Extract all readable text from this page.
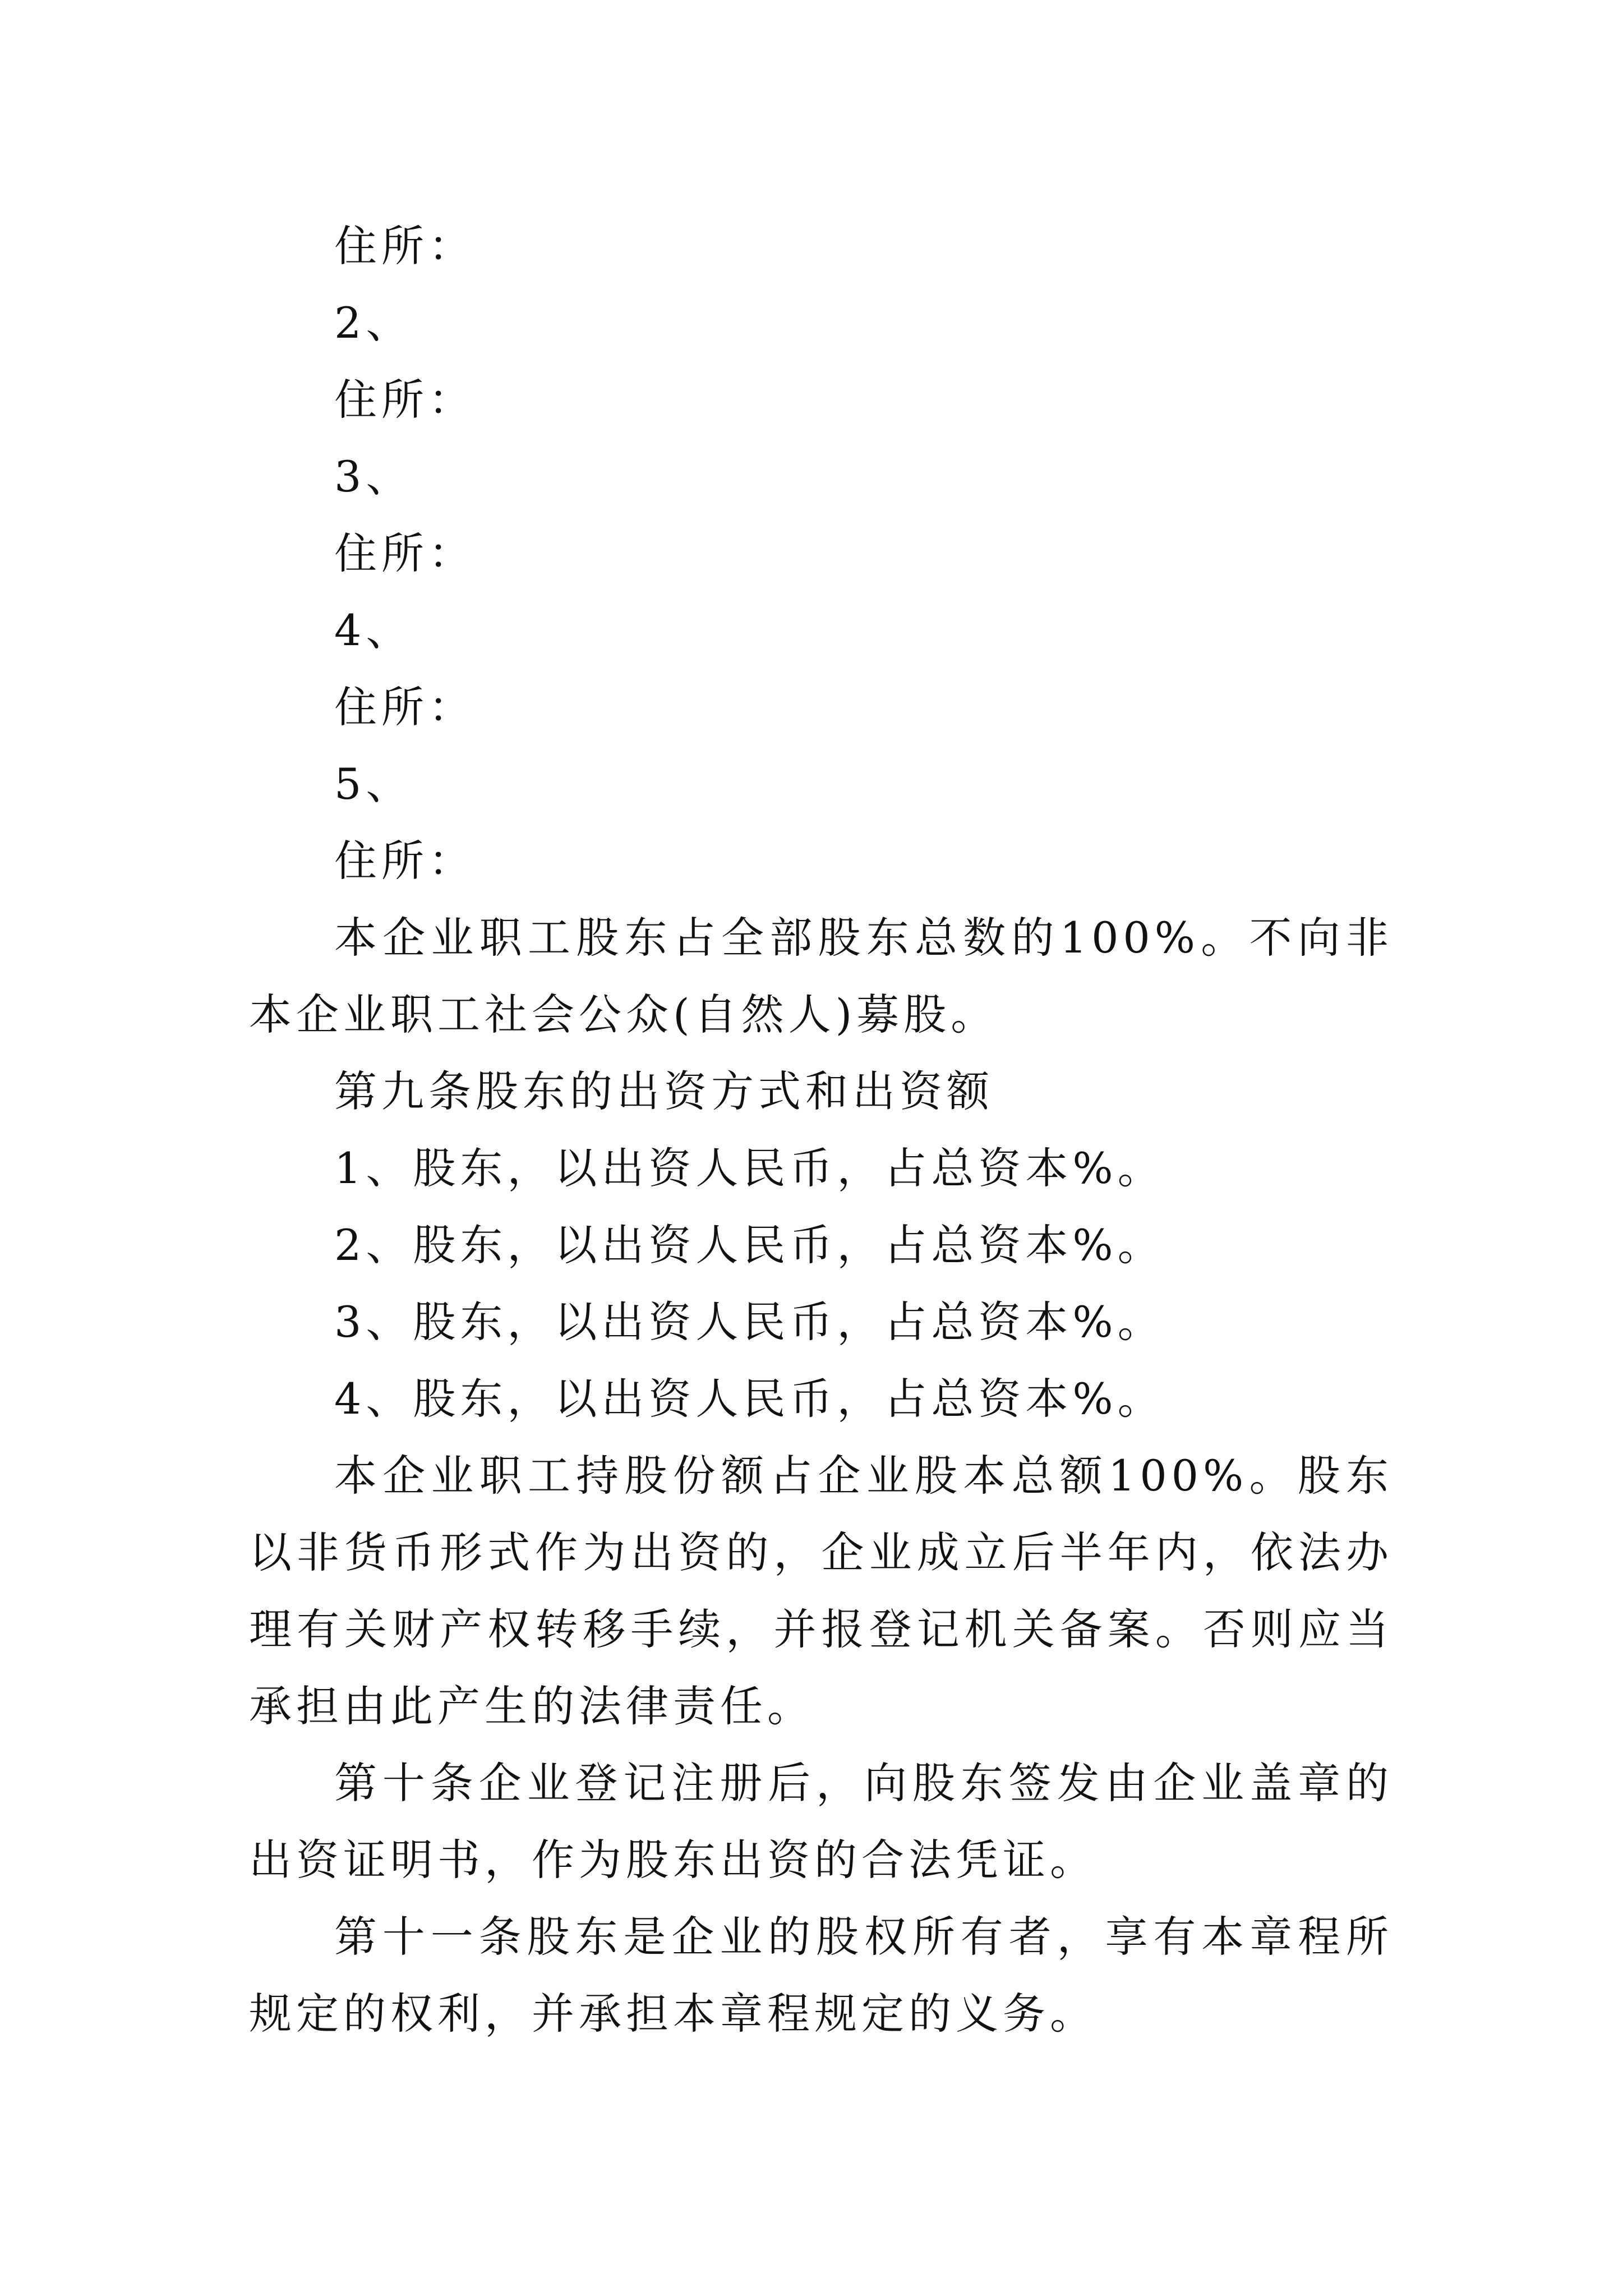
住所：

2、

住所：

3、

住所：

4、

住所：

5、

住所：

本企业职工股东占全部股东总数的100%。不向非本企业职工社会公众(自然人)募股。

第九条股东的出资方式和出资额

1、股东，以出资人民币，占总资本%。

2、股东，以出资人民币，占总资本%。

3、股东，以出资人民币，占总资本%。

4、股东，以出资人民币，占总资本%。

本企业职工持股份额占企业股本总额100%。股东以非货币形式作为出资的，企业成立后半年内，依法办理有关财产权转移手续，并报登记机关备案。否则应当承担由此产生的法律责任。

第十条企业登记注册后，向股东签发由企业盖章的出资证明书，作为股东出资的合法凭证。

第十一条股东是企业的股权所有者，享有本章程所规定的权利，并承担本章程规定的义务。
